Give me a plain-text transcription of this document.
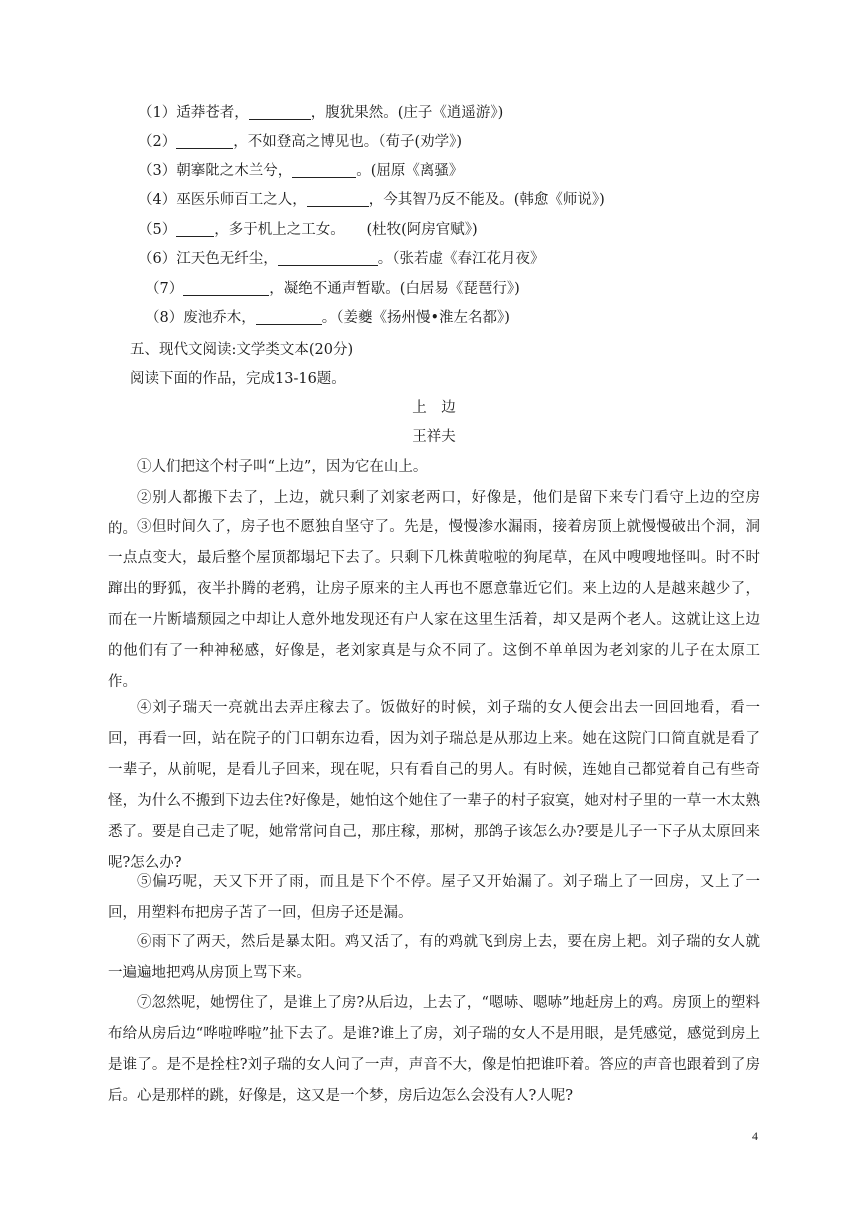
（1）适莽苍者，	，腹犹果然。(庄子《逍遥游》)
（2）	，不如登高之博见也。（荀子(劝学》)
（3）朝搴阰之木兰兮，	。(屈原《离骚》
（4）巫医乐师百工之人，	，今其智乃反不能及。(韩愈《师说》)
（5）	，多于机上之工女。　　(杜牧(阿房官赋》)
（6）江天色无纤尘，	。（张若虚《春江花月夜》
（7）	，凝绝不通声暂歇。(白居易《琵琶行》)
（8）废池乔木，	。（姜夔《扬州慢•淮左名都》)
五、现代文阅读:文学类文本(20分)
阅读下面的作品，完成13-16题。
上　边
王祥夫
①人们把这个村子叫“上边”，因为它在山上。
②别人都搬下去了，上边，就只剩了刘家老两口，好像是，他们是留下来专门看守上边的空房的。 ③但时间久了，房子也不愿独自坚守了。先是，慢慢渗水漏雨，接着房顶上就慢慢破出个洞，洞一点点变大，最后整个屋顶都塌圮下去了。只剩下几株黄啦啦的狗尾草，在风中嗖嗖地怪叫。时不时蹿出的野狐，夜半扑腾的老鸦，让房子原来的主人再也不愿意靠近它们。来上边的人是越来越少了，而在一片断墙颓园之中却让人意外地发现还有户人家在这里生活着，却又是两个老人。这就让这上边的他们有了一种神秘感，好像是，老刘家真是与众不同了。这倒不单单因为老刘家的儿子在太原工作。
④刘子瑞天一亮就出去弄庄稼去了。饭做好的时候，刘子瑞的女人便会出去一回回地看，看一回，再看一回，站在院子的门口朝东边看，因为刘子瑞总是从那边上来。她在这院门口简直就是看了一辈子，从前呢，是看儿子回来，现在呢，只有看自己的男人。有时候，连她自己都觉着自己有些奇怪，为什么不搬到下边去住?好像是，她怕这个她住了一辈子的村子寂寞，她对村子里的一草一木太熟悉了。要是自己走了呢，她常常问自己，那庄稼，那树，那鸽子该怎么办?要是儿子一下子从太原回来呢?怎么办?
⑤偏巧呢，天又下开了雨，而且是下个不停。屋子又开始漏了。刘子瑞上了一回房，又上了一回，用塑料布把房子苫了一回，但房子还是漏。
⑥雨下了两天，然后是暴太阳。鸡又活了，有的鸡就飞到房上去，要在房上耙。刘子瑞的女人就一遍遍地把鸡从房顶上骂下来。
⑦忽然呢，她愣住了，是谁上了房?从后边，上去了，“嗯哧、嗯哧”地赶房上的鸡。房顶上的塑料布给从房后边“哗啦哗啦”扯下去了。是谁?谁上了房，刘子瑞的女人不是用眼，是凭感觉，感觉到房上是谁了。是不是拴柱?刘子瑞的女人问了一声，声音不大，像是怕把谁吓着。答应的声音也跟着到了房后。心是那样的跳，好像是，这又是一个梦，房后边怎么会没有人?人呢?
4
